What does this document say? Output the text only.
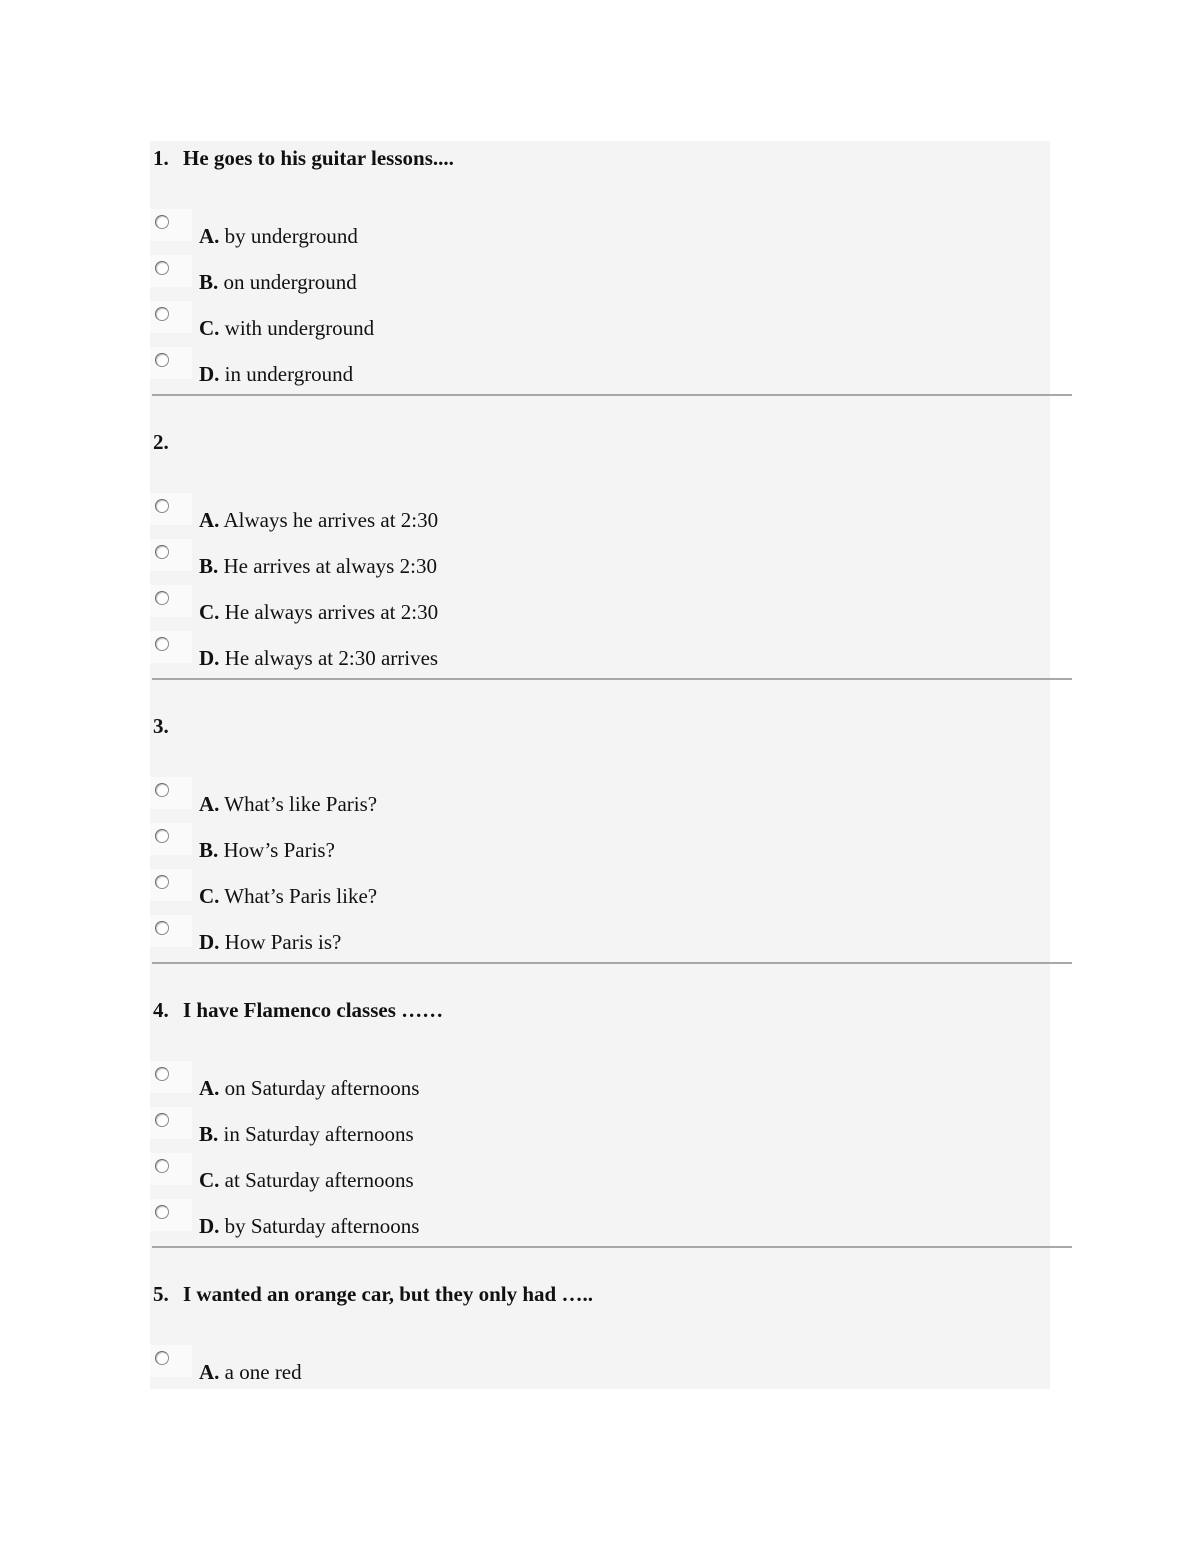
1. He goes to his guitar lessons....

A. by underground
B. on underground
C. with underground
D. in underground

2.

A. Always he arrives at 2:30
B. He arrives at always 2:30
C. He always arrives at 2:30
D. He always at 2:30 arrives

3.

A. What’s like Paris?
B. How’s Paris?
C. What’s Paris like?
D. How Paris is?

4. I have Flamenco classes ……

A. on Saturday afternoons
B. in Saturday afternoons
C. at Saturday afternoons
D. by Saturday afternoons

5. I wanted an orange car, but they only had …..

A. a one red
